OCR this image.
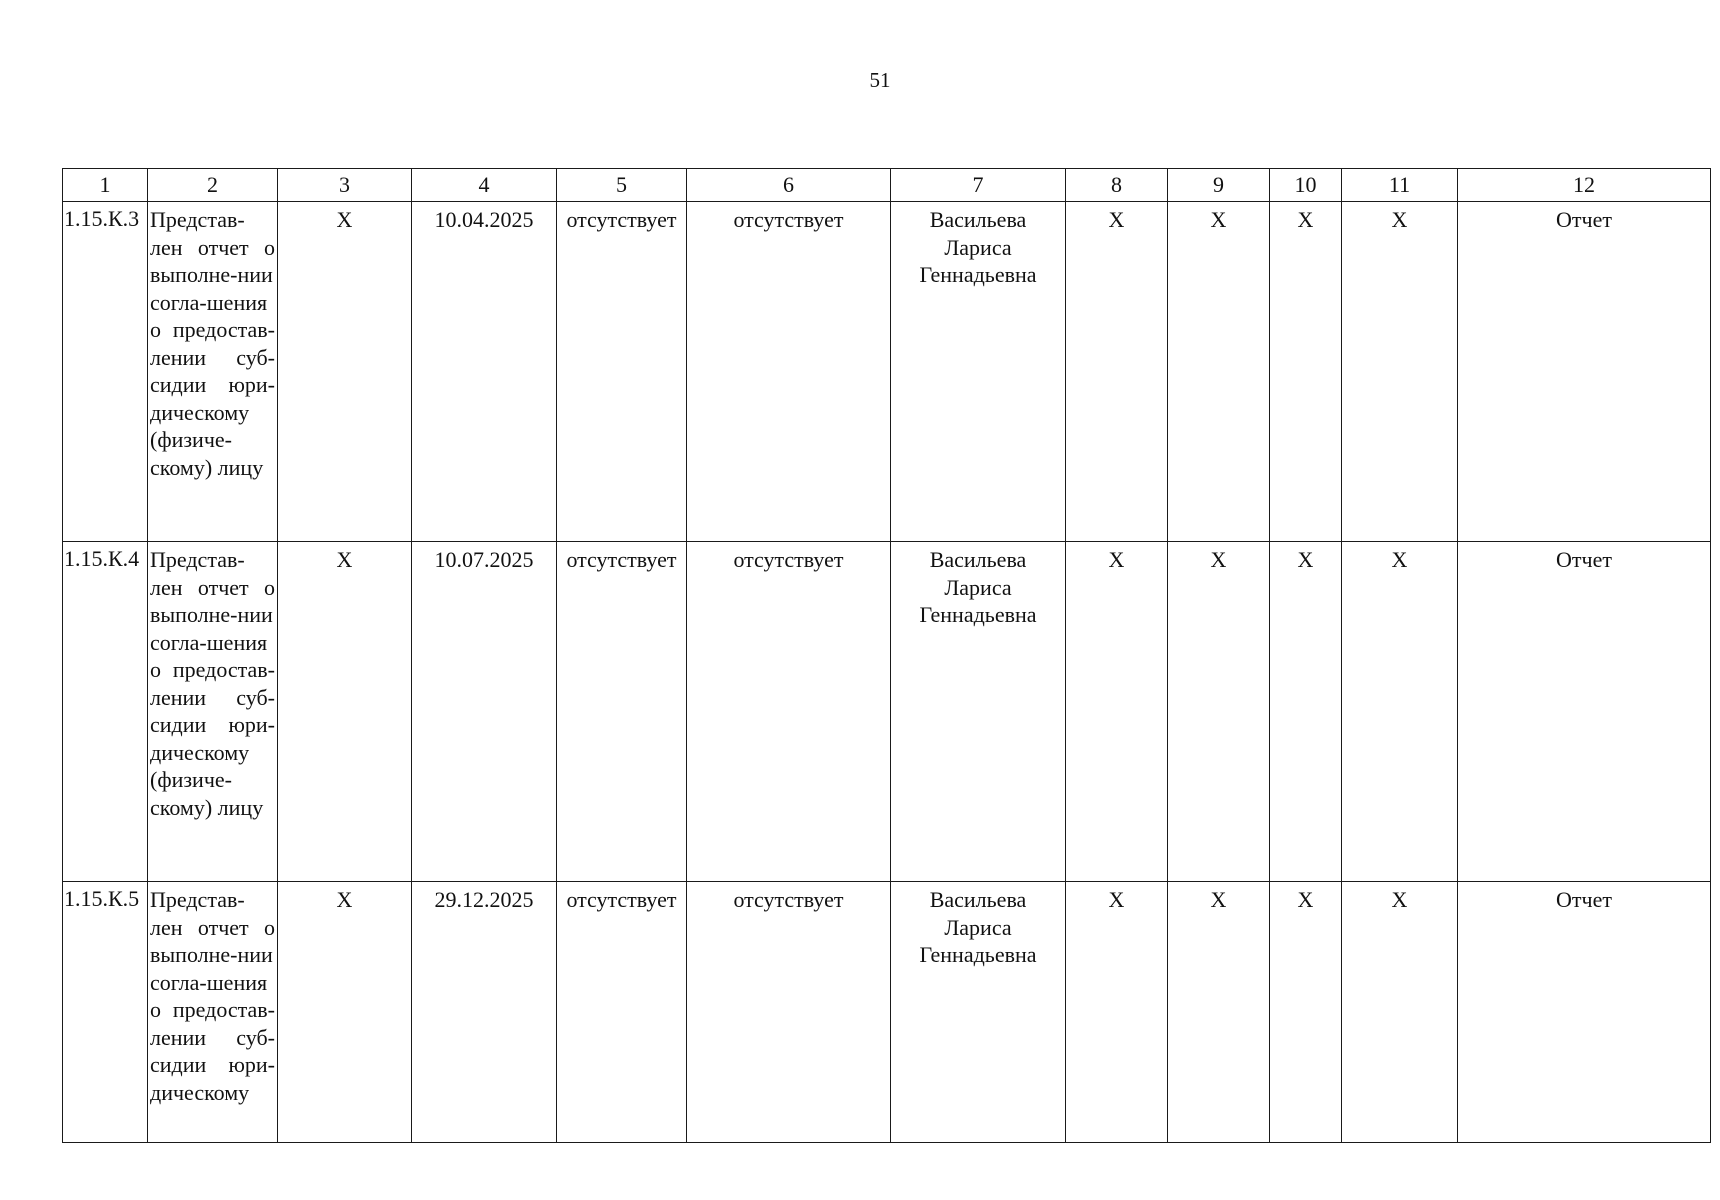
51
1	2	3	4	5	6	7	8	9	10	11	12
1.15.К.3	Представ-лен отчет о выполне-нии согла-шения о предостав-лении суб-сидии юри-дическому (физиче-скому) лицу	X	10.04.2025	отсутствует	отсутствует	Васильева
Лариса
Геннадьевна	X	X	X	X	Отчет
1.15.К.4	Представ-лен отчет о выполне-нии согла-шения о предостав-лении суб-сидии юри-дическому (физиче-скому) лицу	X	10.07.2025	отсутствует	отсутствует	Васильева
Лариса
Геннадьевна	X	X	X	X	Отчет
1.15.К.5	Представ-лен отчет о выполне-нии согла-шения о предостав-лении суб-сидии юри-дическому	X	29.12.2025	отсутствует	отсутствует	Васильева
Лариса
Геннадьевна	X	X	X	X	Отчет
